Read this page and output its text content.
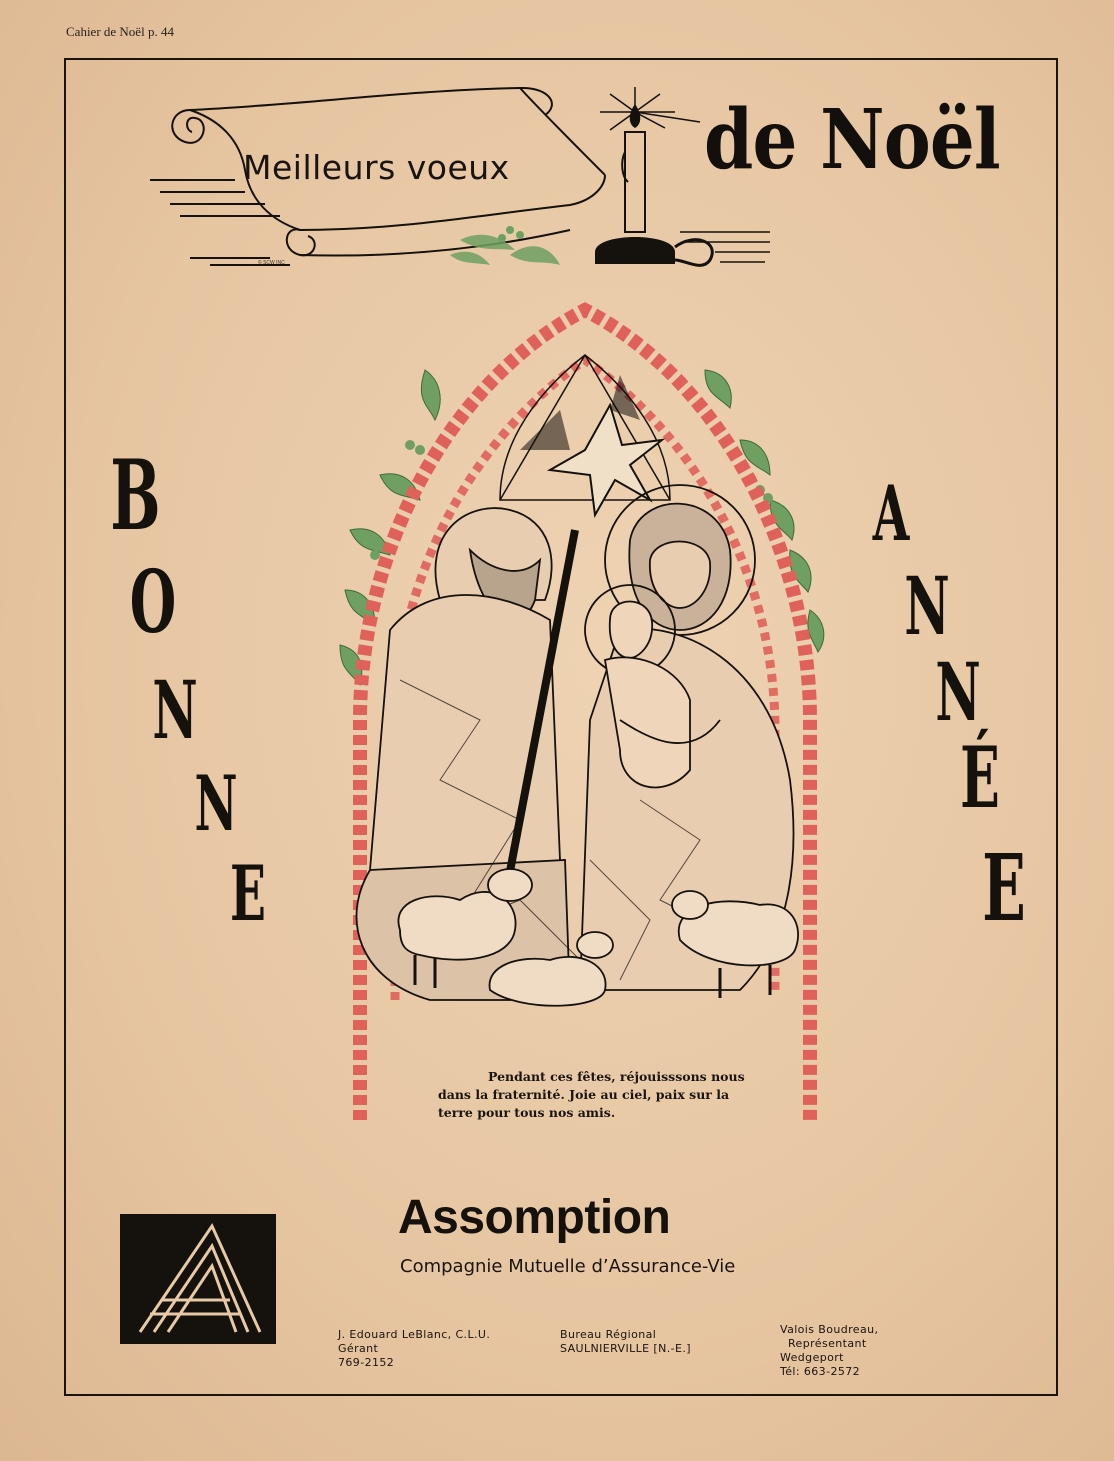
Cahier de Noël p. 44
Meilleurs voeux
© SCW INC
de Noël
B
O
N
N
E
A
N
N
É
E
Pendant ces fêtes, réjouisssons nous
dans la fraternité. Joie au ciel, paix sur la
terre pour tous nos amis.
Assomption
Compagnie Mutuelle d’Assurance-Vie
J. Edouard LeBlanc, C.L.U.
Gérant
769-2152
Bureau Régional
SAULNIERVILLE [N.-E.]
Valois Boudreau,
Représentant
Wedgeport
Tél: 663-2572
